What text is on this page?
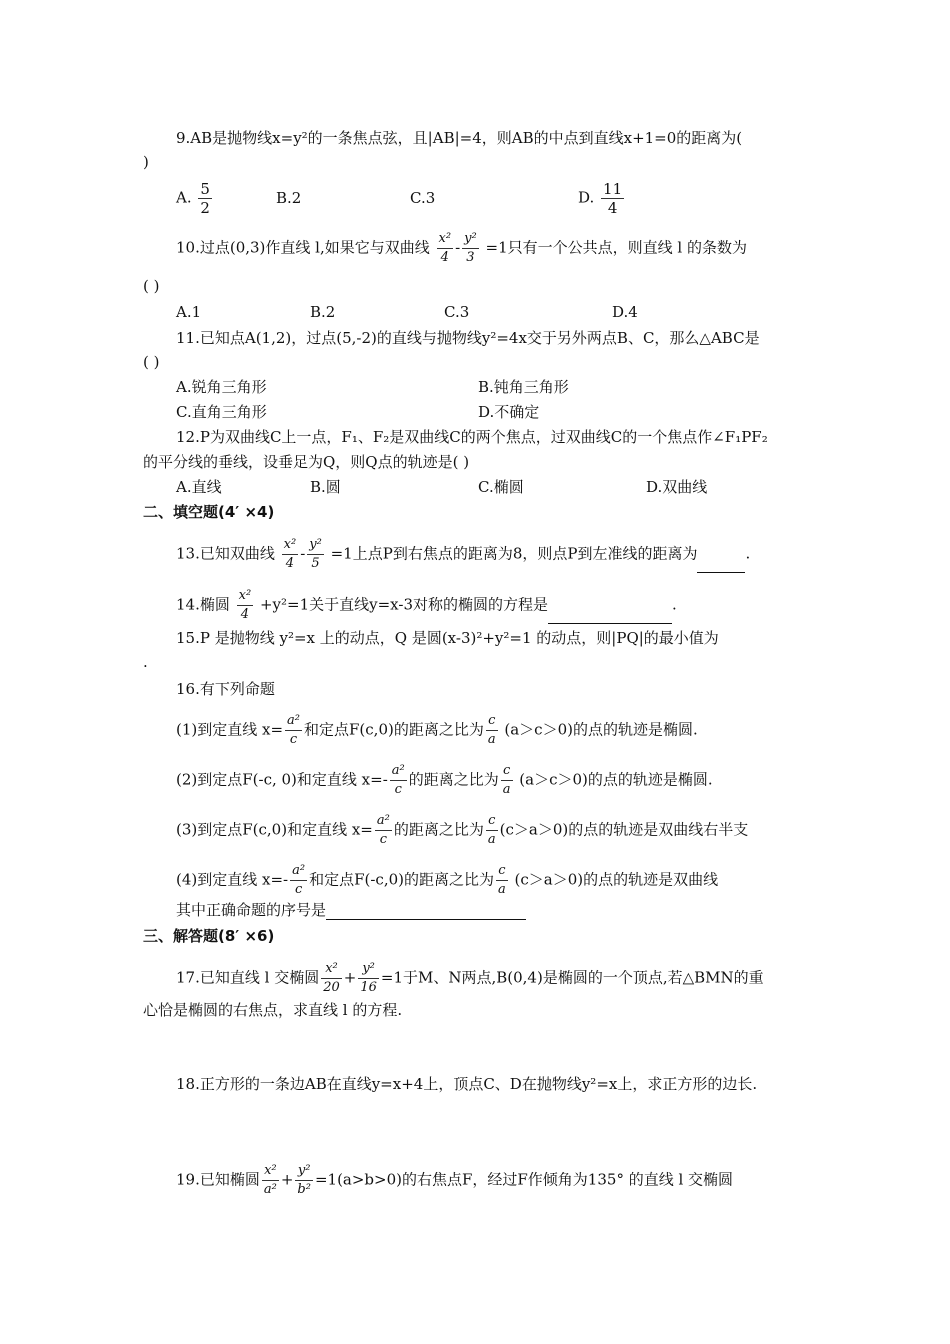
9.AB是抛物线x=y²的一条焦点弦，且|AB|=4，则AB的中点到直线x+1=0的距离为(
)
A. $\frac{5}{2}$	B.2	C.3	D. $\frac{11}{4}$
10.过点(0,3)作直线 l,如果它与双曲线 $\frac{\text{x²}}{4} - \frac{\text{y²}}{3} =1$只有一个公共点，则直线 l 的条数为
( )
A.1	B.2	C.3	D.4
11.已知点A(1,2)，过点(5,-2)的直线与抛物线y²=4x交于另外两点B、C，那么△ABC是
( )
A.锐角三角形	B.钝角三角形
C.直角三角形	D.不确定
12.P为双曲线C上一点，F₁、F₂是双曲线C的两个焦点，过双曲线C的一个焦点作∠F₁PF₂
的平分线的垂线，设垂足为Q，则Q点的轨迹是( )
A.直线	B.圆	C.椭圆	D.双曲线
二、填空题(4′ ×4)
13.已知双曲线 $\frac{\text{x²}}{4} - \frac{\text{y²}}{5} =1$上点P到右焦点的距离为8，则点P到左准线的距离为	.
14.椭圆 $\frac{\text{x²}}{4} +y^2=1$关于直线y=x-3对称的椭圆的方程是	.
15.P 是抛物线 y²=x 上的动点，Q 是圆(x-3)²+y²=1 的动点，则|PQ|的最小值为
.
16.有下列命题
(1)到定直线 $x= \frac{\text{a²}}{c}$ 和定点F(c,0)的距离之比为 $\frac{c}{a} (a>c>0)$的点的轨迹是椭圆.
(2)到定点F(-c, 0)和定直线 $x=- \frac{\text{a²}}{c}$ 的距离之比为 $\frac{c}{a} (a>c>0)$的点的轨迹是椭圆.
(3)到定点F(c,0)和定直线 $x= \frac{\text{a²}}{c}$ 的距离之比为 $\frac{c}{a} (c>a>0)$的点的轨迹是双曲线右半支
(4)到定直线 $x=- \frac{\text{a²}}{c}$ 和定点F(-c,0)的距离之比为 $\frac{c}{a} (c>a>0)$的点的轨迹是双曲线
其中正确命题的序号是
三、解答题(8′ ×6)
17.已知直线 l 交椭圆 $\frac{\text{x²}}{20} + \frac{\text{y²}}{16} =1$于M、N两点,B(0,4)是椭圆的一个顶点,若△BMN的重
心恰是椭圆的右焦点，求直线 l 的方程.
18.正方形的一条边AB在直线y=x+4上，顶点C、D在抛物线y²=x上，求正方形的边长.
19.已知椭圆 $\frac{\text{x²}}{\text{a²}} + \frac{\text{y²}}{\text{b²}} =1(a>b>0)$的右焦点F，经过F作倾角为135° 的直线 l 交椭圆
